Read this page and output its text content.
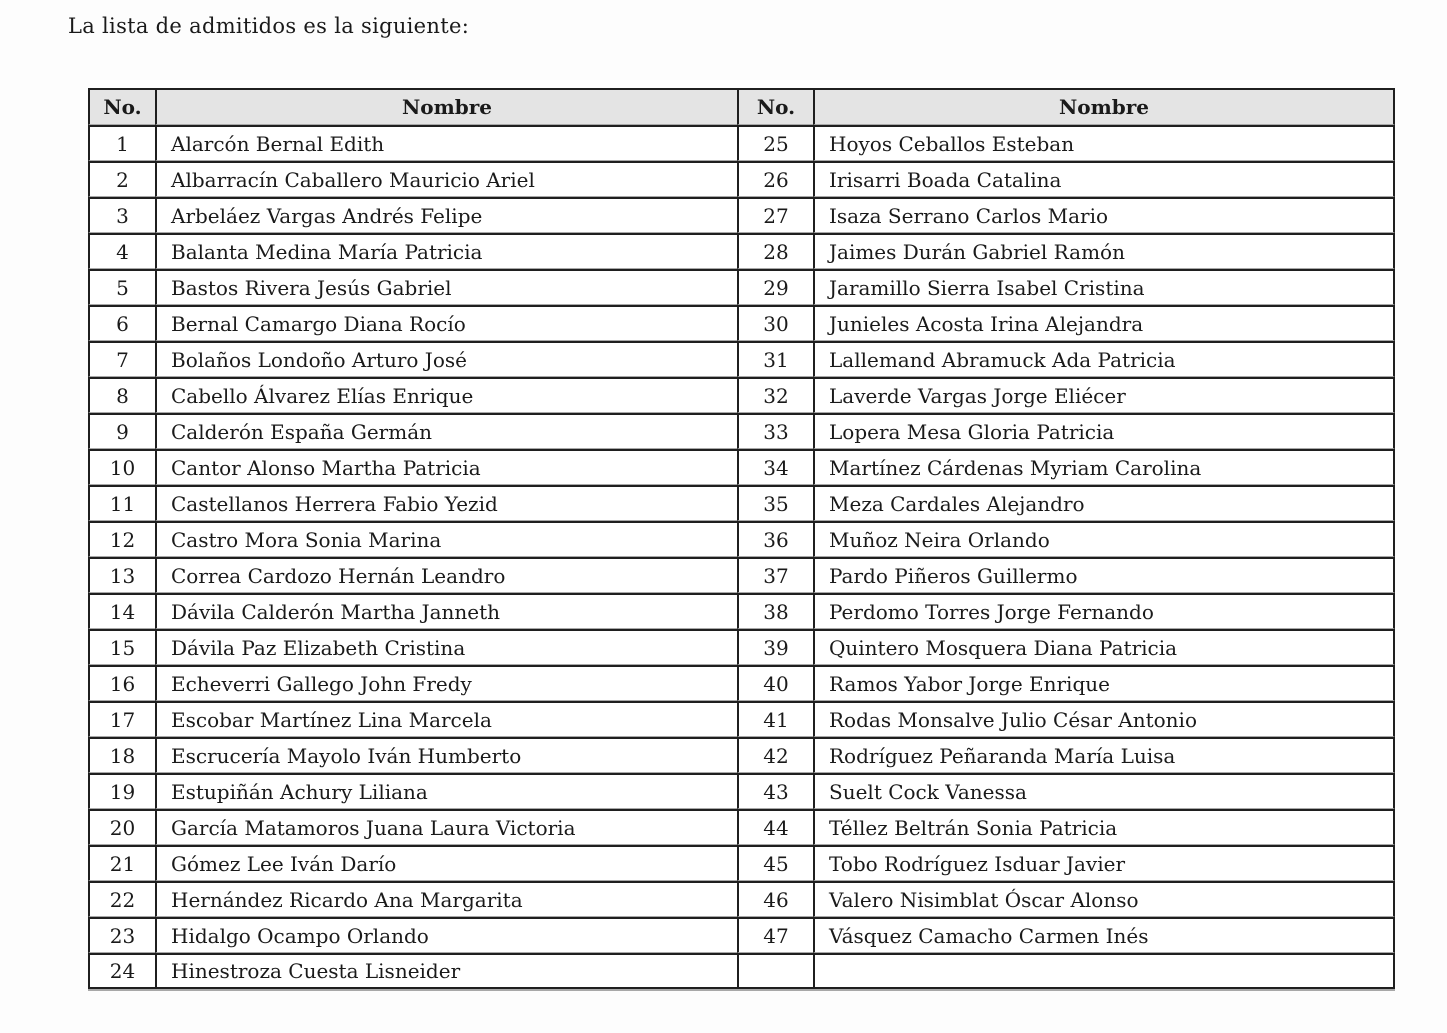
La lista de admitidos es la siguiente:

No.	Nombre	No.	Nombre
1	Alarcón Bernal Edith	25	Hoyos Ceballos Esteban
2	Albarracín Caballero Mauricio Ariel	26	Irisarri Boada Catalina
3	Arbeláez Vargas Andrés Felipe	27	Isaza Serrano Carlos Mario
4	Balanta Medina María Patricia	28	Jaimes Durán Gabriel Ramón
5	Bastos Rivera Jesús Gabriel	29	Jaramillo Sierra Isabel Cristina
6	Bernal Camargo Diana Rocío	30	Junieles Acosta Irina Alejandra
7	Bolaños Londoño Arturo José	31	Lallemand Abramuck Ada Patricia
8	Cabello Álvarez Elías Enrique	32	Laverde Vargas Jorge Eliécer
9	Calderón España Germán	33	Lopera Mesa Gloria Patricia
10	Cantor Alonso Martha Patricia	34	Martínez Cárdenas Myriam Carolina
11	Castellanos Herrera Fabio Yezid	35	Meza Cardales Alejandro
12	Castro Mora Sonia Marina	36	Muñoz Neira Orlando
13	Correa Cardozo Hernán Leandro	37	Pardo Piñeros Guillermo
14	Dávila Calderón Martha Janneth	38	Perdomo Torres Jorge Fernando
15	Dávila Paz Elizabeth Cristina	39	Quintero Mosquera Diana Patricia
16	Echeverri Gallego John Fredy	40	Ramos Yabor Jorge Enrique
17	Escobar Martínez Lina Marcela	41	Rodas Monsalve Julio César Antonio
18	Escrucería Mayolo Iván Humberto	42	Rodríguez Peñaranda María Luisa
19	Estupiñán Achury Liliana	43	Suelt Cock Vanessa
20	García Matamoros Juana Laura Victoria	44	Téllez Beltrán Sonia Patricia
21	Gómez Lee Iván Darío	45	Tobo Rodríguez Isduar Javier
22	Hernández Ricardo Ana Margarita	46	Valero Nisimblat Óscar Alonso
23	Hidalgo Ocampo Orlando	47	Vásquez Camacho Carmen Inés
24	Hinestroza Cuesta Lisneider		
